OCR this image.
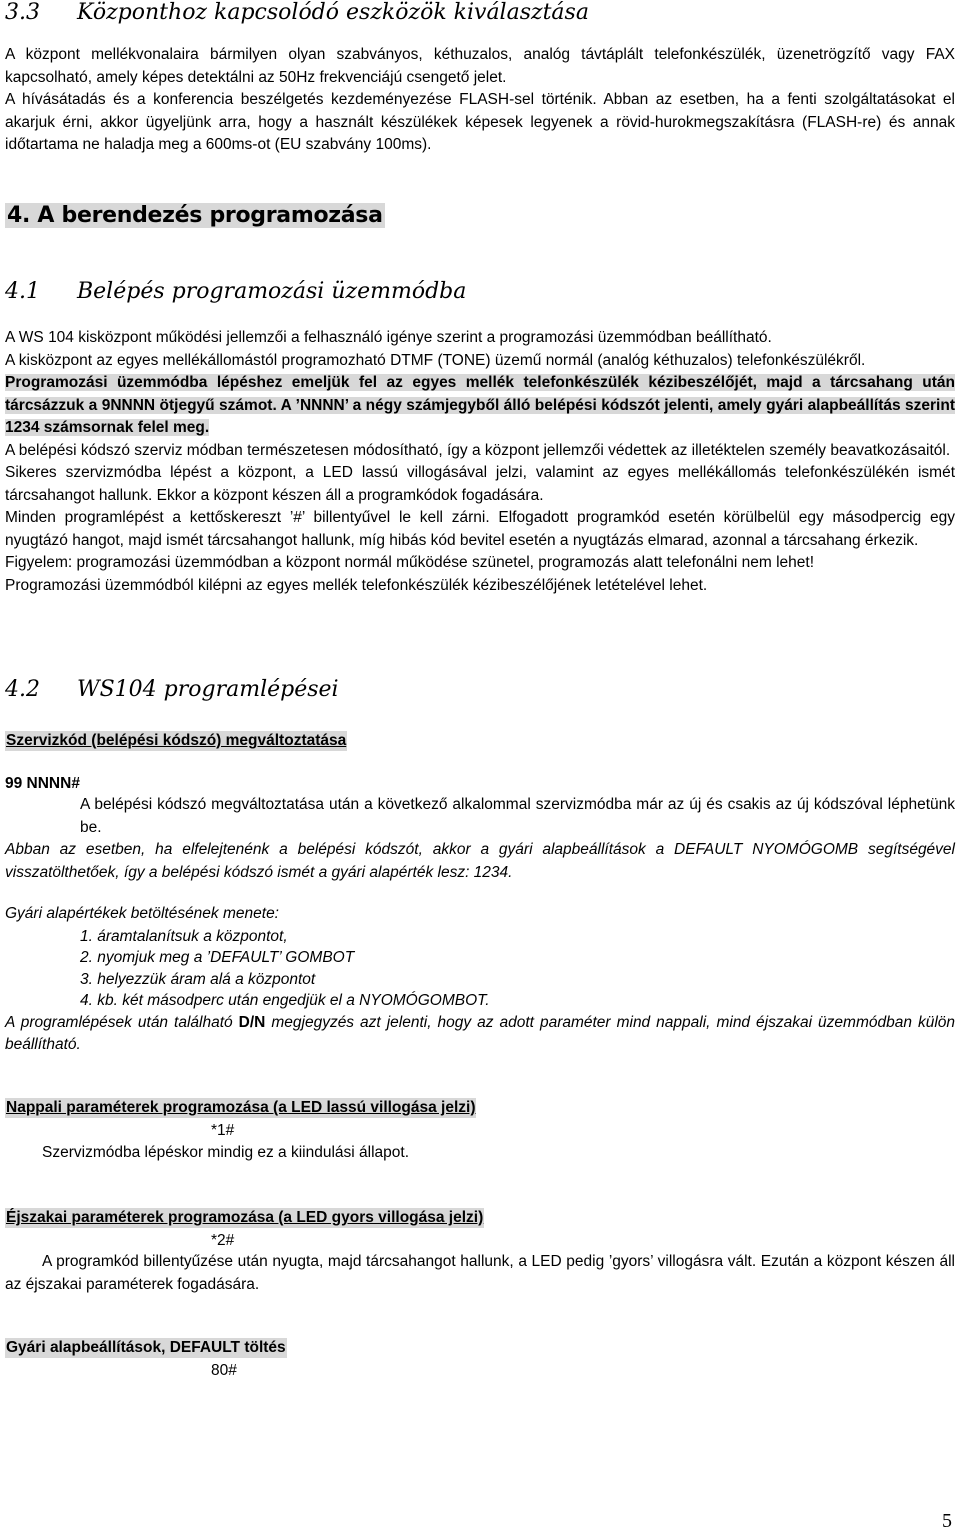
3.3 Központhoz kapcsolódó eszközök kiválasztása

A központ mellékvonalaira bármilyen olyan szabványos, kéthuzalos, analóg távtáplált telefonkészülék, üzenetrögzítő vagy FAX kapcsolható, amely képes detektálni az 50Hz frekvenciájú csengető jelet.

A hívásátadás és a konferencia beszélgetés kezdeményezése FLASH-sel történik. Abban az esetben, ha a fenti szolgáltatásokat el akarjuk érni, akkor ügyeljünk arra, hogy a használt készülékek képesek legyenek a rövid-hurokmegszakításra (FLASH-re) és annak időtartama ne haladja meg a 600ms-ot (EU szabvány 100ms).

4. A berendezés programozása
4.1 Belépés programozási üzemmódba

A WS 104 kisközpont működési jellemzői a felhasználó igénye szerint a programozási üzemmódban beállítható.

A kisközpont az egyes mellékállomástól programozható DTMF (TONE) üzemű normál (analóg kéthuzalos) telefonkészülékről.

Programozási üzemmódba lépéshez emeljük fel az egyes mellék telefonkészülék kézibeszélőjét, majd a tárcsahang után tárcsázzuk a 9NNNN ötjegyű számot. A ’NNNN’ a négy számjegyből álló belépési kódszót jelenti, amely gyári alapbeállítás szerint 1234 számsornak felel meg.

A belépési kódszó szerviz módban természetesen módosítható, így a központ jellemzői védettek az illetéktelen személy beavatkozásaitól.

Sikeres szervizmódba lépést a központ, a LED lassú villogásával jelzi, valamint az egyes mellékállomás telefonkészülékén ismét tárcsahangot hallunk. Ekkor a központ készen áll a programkódok fogadására.

Minden programlépést a kettőskereszt ’#’ billentyűvel le kell zárni. Elfogadott programkód esetén körülbelül egy másodpercig egy nyugtázó hangot, majd ismét tárcsahangot hallunk, míg hibás kód bevitel esetén a nyugtázás elmarad, azonnal a tárcsahang érkezik.

Figyelem: programozási üzemmódban a központ normál működése szünetel, programozás alatt telefonálni nem lehet!

Programozási üzemmódból kilépni az egyes mellék telefonkészülék kézibeszélőjének letételével lehet.

4.2 WS104 programlépései
Szervizkód (belépési kódszó) megváltoztatása
99 NNNN#

A belépési kódszó megváltoztatása után a következő alkalommal szervizmódba már az új és csakis az új kódszóval léphetünk be.

Abban az esetben, ha elfelejtenénk a belépési kódszót, akkor a gyári alapbeállítások a DEFAULT NYOMÓGOMB segítségével visszatölthetőek, így a belépési kódszó ismét a gyári alapérték lesz: 1234.

Gyári alapértékek betöltésének menete:

1. áramtalanítsuk a központot,
2. nyomjuk meg a ’DEFAULT’ GOMBOT
3. helyezzük áram alá a központot
4. kb. két másodperc után engedjük el a NYOMÓGOMBOT.

A programlépések után található D/N megjegyzés azt jelenti, hogy az adott paraméter mind nappali, mind éjszakai üzemmódban külön beállítható.

Nappali paraméterek programozása (a LED lassú villogása jelzi)
*1#
Szervizmódba lépéskor mindig ez a kiindulási állapot.
Éjszakai paraméterek programozása (a LED gyors villogása jelzi)
*2#

A programkód billentyűzése után nyugta, majd tárcsahangot hallunk, a LED pedig ’gyors’ villogásra vált. Ezután a központ készen áll az éjszakai paraméterek fogadására.

Gyári alapbeállítások, DEFAULT töltés
80#
5
